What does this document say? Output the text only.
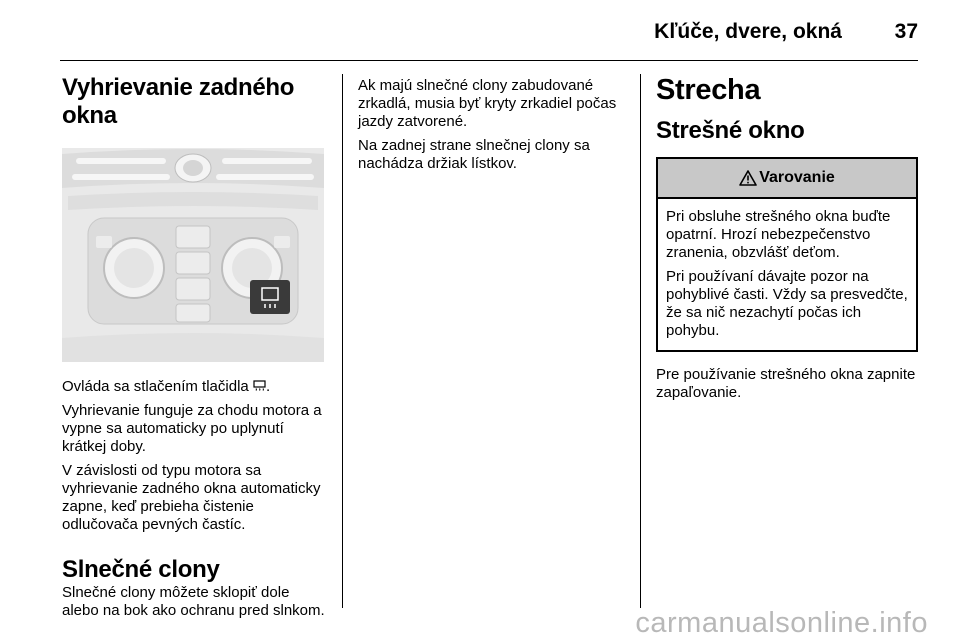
Kľúče, dvere, okná	37
Vyhrievanie zadného okna

Ovláda sa stlačením tlačidla .

Vyhrievanie funguje za chodu motora a vypne sa automaticky po uplynutí krátkej doby.

V závislosti od typu motora sa vyhrievanie zadného okna automaticky zapne, keď prebieha čistenie odlučovača pevných častíc.

Slnečné clony

Slnečné clony môžete sklopiť dole alebo na bok ako ochranu pred slnkom.

Ak majú slnečné clony zabudované zrkadlá, musia byť kryty zrkadiel počas jazdy zatvorené.

Na zadnej strane slnečnej clony sa nachádza držiak lístkov.

Strecha
Strešné okno
Varovanie

Pri obsluhe strešného okna buďte opatrní. Hrozí nebezpečenstvo zranenia, obzvlášť deťom.

Pri používaní dávajte pozor na pohyblivé časti. Vždy sa presvedčte, že sa nič nezachytí počas ich pohybu.

Pre používanie strešného okna zapnite zapaľovanie.

carmanualsonline.info
